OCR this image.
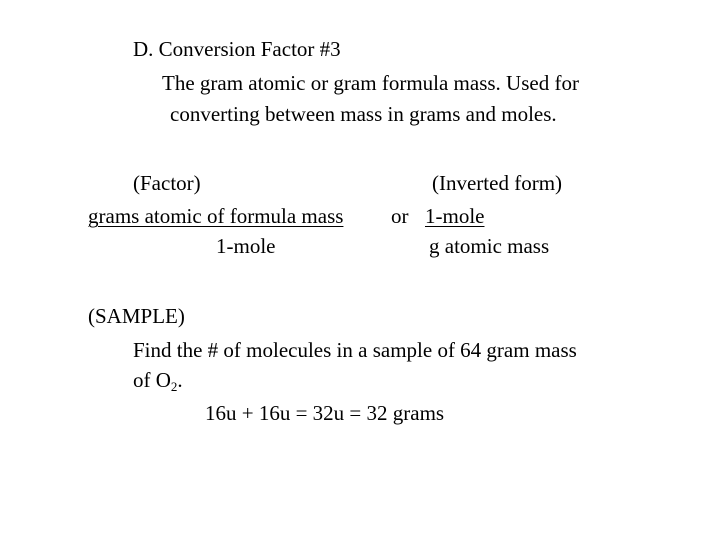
D. Conversion Factor #3
The gram atomic or gram formula mass. Used for
converting between mass in grams and moles.
(Factor)	(Inverted form)
grams atomic of formula mass or 1-mole
1-mole	g atomic mass
(SAMPLE)
Find the # of molecules in a sample of 64 gram mass
of $O_2$.
16u + 16u = 32u = 32 grams
